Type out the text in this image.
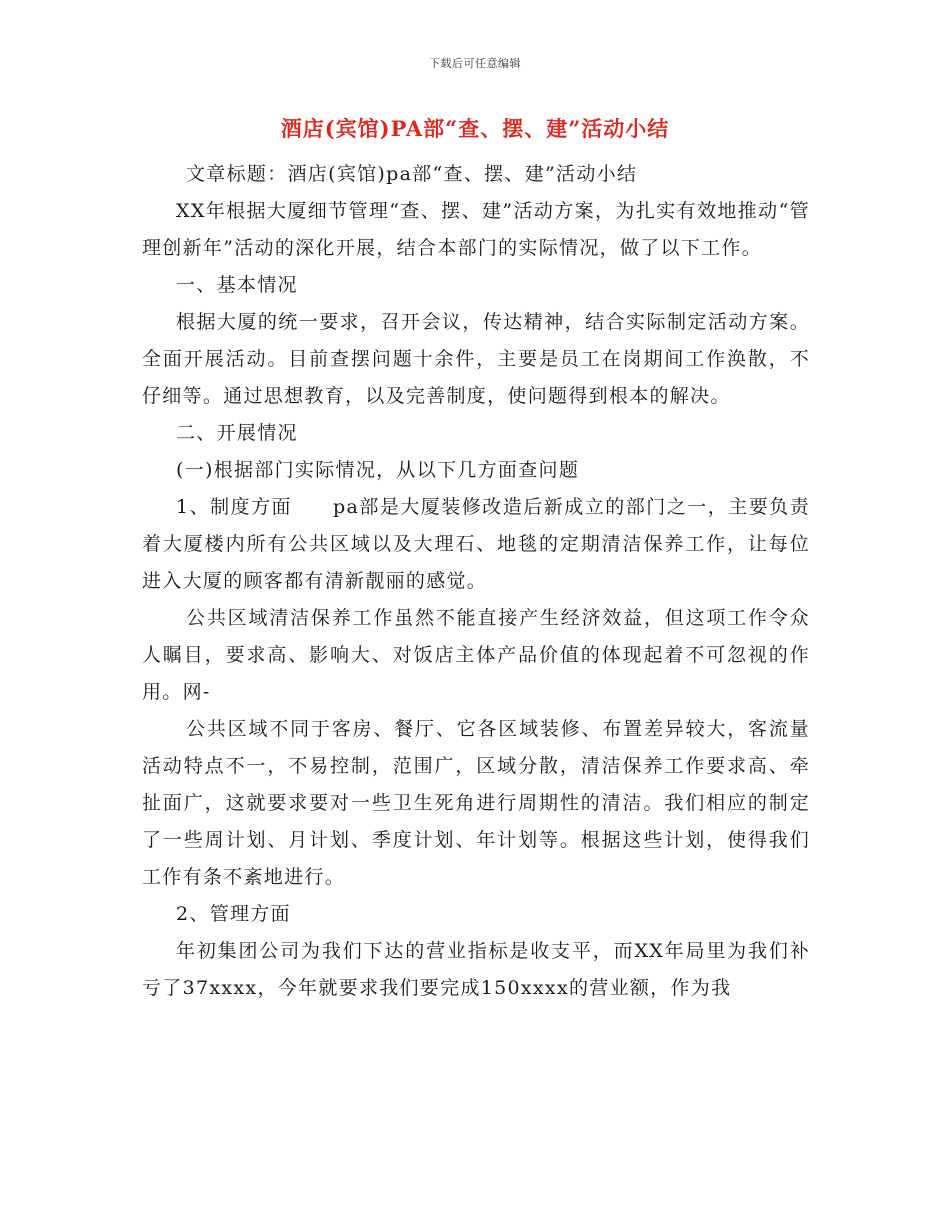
下载后可任意编辑
酒店(宾馆)PA部“查、摆、建”活动小结

文章标题：酒店(宾馆)pa部“查、摆、建”活动小结

XX年根据大厦细节管理“查、摆、建”活动方案，为扎实有效地推动“管理创新年”活动的深化开展，结合本部门的实际情况，做了以下工作。

一、基本情况

根据大厦的统一要求，召开会议，传达精神，结合实际制定活动方案。全面开展活动。目前查摆问题十余件，主要是员工在岗期间工作涣散，不仔细等。通过思想教育，以及完善制度，使问题得到根本的解决。

二、开展情况

(一)根据部门实际情况，从以下几方面查问题

1、制度方面　　pa部是大厦装修改造后新成立的部门之一，主要负责着大厦楼内所有公共区域以及大理石、地毯的定期清洁保养工作，让每位进入大厦的顾客都有清新靓丽的感觉。

公共区域清洁保养工作虽然不能直接产生经济效益，但这项工作令众人瞩目，要求高、影响大、对饭店主体产品价值的体现起着不可忽视的作用。网-

公共区域不同于客房、餐厅、它各区域装修、布置差异较大，客流量活动特点不一，不易控制，范围广，区域分散，清洁保养工作要求高、牵扯面广，这就要求要对一些卫生死角进行周期性的清洁。我们相应的制定了一些周计划、月计划、季度计划、年计划等。根据这些计划，使得我们工作有条不紊地进行。

2、管理方面

年初集团公司为我们下达的营业指标是收支平，而XX年局里为我们补亏了37xxxx，今年就要求我们要完成150xxxx的营业额，作为我
